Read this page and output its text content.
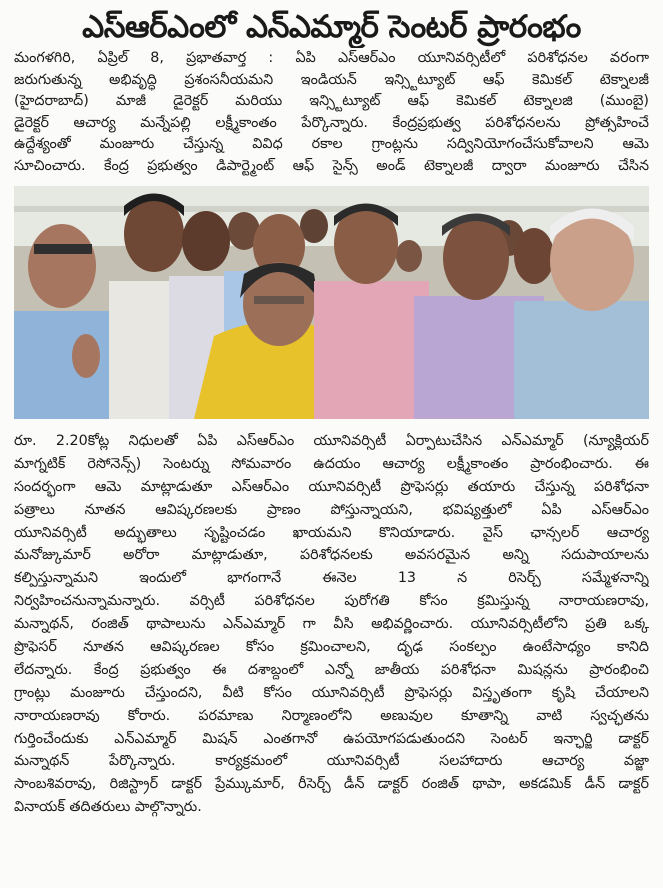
ఎస్ఆర్ఎంలో ఎన్ఎమ్మార్ సెంటర్ ప్రారంభం
మంగళగిరి, ఏప్రిల్ 8, ప్రభాతవార్త : ఏపి ఎస్ఆర్ఎం యూనివర్సిటీలో పరిశోధనల వరంగా
జరుగుతున్న అభివృద్ధి ప్రశంసనీయమని ఇండియన్ ఇన్స్టిట్యూట్ ఆఫ్ కెమికల్ టెక్నాలజీ
(హైదరాబాద్) మాజీ డైరెక్టర్ మరియు ఇన్స్టిట్యూట్ ఆఫ్ కెమికల్ టెక్నాలజి (ముంబై)
డైరెక్టర్ ఆచార్య మన్నేపల్లి లక్ష్మీకాంతం పేర్కొన్నారు. కేంద్రప్రభుత్వ పరిశోధనలను ప్రోత్సహించే
ఉద్దేశ్యంతో మంజూరు చేస్తున్న వివిధ రకాల గ్రాంట్లను సద్వినియోగంచేసుకోవాలని ఆమె
సూచించారు. కేంద్ర ప్రభుత్వం డిపార్ట్మెంట్ ఆఫ్ సైన్స్ అండ్ టెక్నాలజీ ద్వారా మంజూరు చేసిన
రూ. 2.20కోట్ల నిధులతో ఏపి ఎస్ఆర్ఎం యూనివర్సిటీ ఏర్పాటుచేసిన ఎన్ఎమ్మార్ (న్యూక్లియర్
మాగ్నటిక్ రెసోనెన్స్) సెంటర్ను సోమవారం ఉదయం ఆచార్య లక్ష్మీకాంతం ప్రారంభించారు. ఈ
సందర్భంగా ఆమె మాట్లాడుతూ ఎస్ఆర్ఎం యూనివర్సిటీ ప్రొఫెసర్లు తయారు చేస్తున్న పరిశోధనా
పత్రాలు నూతన ఆవిష్కరణలకు ప్రాణం పోస్తున్నాయని, భవిష్యత్తులో ఏపి ఎస్ఆర్ఎం
యూనివర్సిటీ అద్భుతాలు సృష్టించడం ఖాయమని కొనియాడారు. వైస్ ఛాన్సలర్ ఆచార్య
మనోజ్కుమార్ అరోరా మాట్లాడుతూ, పరిశోధనలకు అవసరమైన అన్ని సదుపాయాలను
కల్పిస్తున్నామని ఇందులో భాగంగానే ఈనెల 13 న రిసెర్చ్ సమ్మేళనాన్ని
నిర్వహించనున్నామన్నారు. వర్సిటీ పరిశోధనల పురోగతి కోసం క్రమిస్తున్న నారాయణరావు,
మన్నాథన్, రంజిత్ థాపాలును ఎన్ఎమ్మార్ గా వీసి అభివర్ణించారు. యూనివర్సిటీలోని ప్రతి ఒక్క
ప్రొఫెసర్ నూతన ఆవిష్కరణల కోసం క్రమించాలని, దృఢ సంకల్పం ఉంటేసాధ్యం కానిది
లేదన్నారు. కేంద్ర ప్రభుత్వం ఈ దశాబ్దంలో ఎన్నో జాతీయ పరిశోధనా మిషన్లను ప్రారంభించి
గ్రాంట్లు మంజూరు చేస్తుందని, వీటి కోసం యూనివర్సిటీ ప్రొఫెసర్లు విస్తృతంగా కృషి చేయాలని
నారాయణరావు కోరారు. పరమాణు నిర్మాణంలోని అణువుల కూతాన్ని వాటి స్వచ్ఛతను
గుర్తించేందుకు ఎన్ఎమ్మార్ మిషన్ ఎంతగానో ఉపయోగపడుతుందని సెంటర్ ఇన్ఛార్జి డాక్టర్
మన్నాథన్ పేర్కొన్నారు. కార్యక్రమంలో యూనివర్సిటీ సలహాదారు ఆచార్య వజ్జా
సాంబశివరావు, రిజిస్ట్రార్ డాక్టర్ ప్రేమ్కుమార్, రీసెర్చ్ డీన్ డాక్టర్ రంజిత్ థాపా, అకడమిక్ డీన్ డాక్టర్
వినాయక్ తదితరులు పాల్గొన్నారు.
